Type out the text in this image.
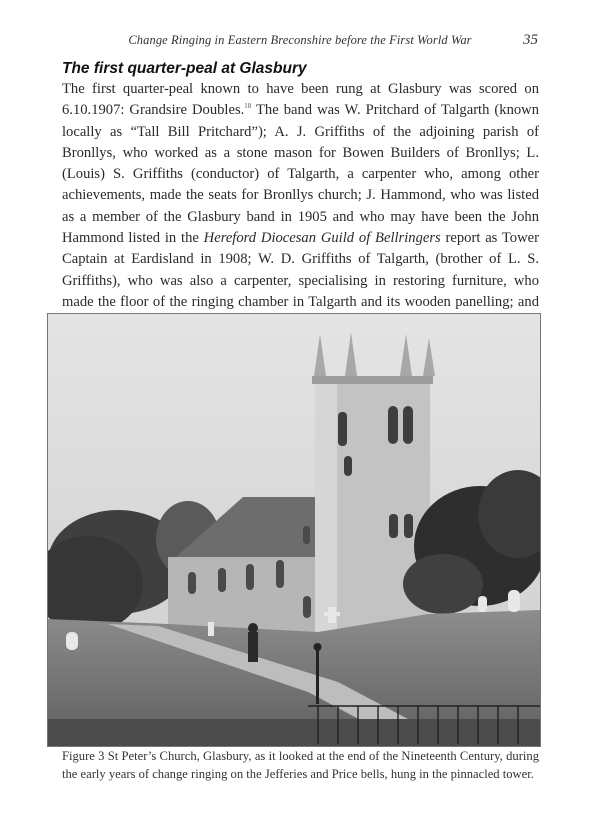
Change Ringing in Eastern Breconshire before the First World War	35
The first quarter-peal at Glasbury
The first quarter-peal known to have been rung at Glasbury was scored on 6.10.1907: Grandsire Doubles.$^{18}$ The band was W. Pritchard of Talgarth (known locally as “Tall Bill Pritchard”); A. J. Griffiths of the adjoining parish of Bronllys, who worked as a stone mason for Bowen Builders of Bronllys; L. (Louis) S. Griffiths (conductor) of Talgarth, a carpenter who, among other achievements, made the seats for Bronllys church; J. Hammond, who was listed as a member of the Glasbury band in 1905 and who may have been the John Hammond listed in the Hereford Diocesan Guild of Bellringers report as Tower Captain at Eardisland in 1908; W. D. Griffiths of Talgarth, (brother of L. S. Griffiths), who was also a carpenter, specialising in restoring furniture, who made the floor of the ringing chamber in Talgarth and its wooden panelling; and
Figure 3 St Peter’s Church, Glasbury, as it looked at the end of the Nineteenth Century, during the early years of change ringing on the Jefferies and Price bells, hung in the pinnacled tower.
